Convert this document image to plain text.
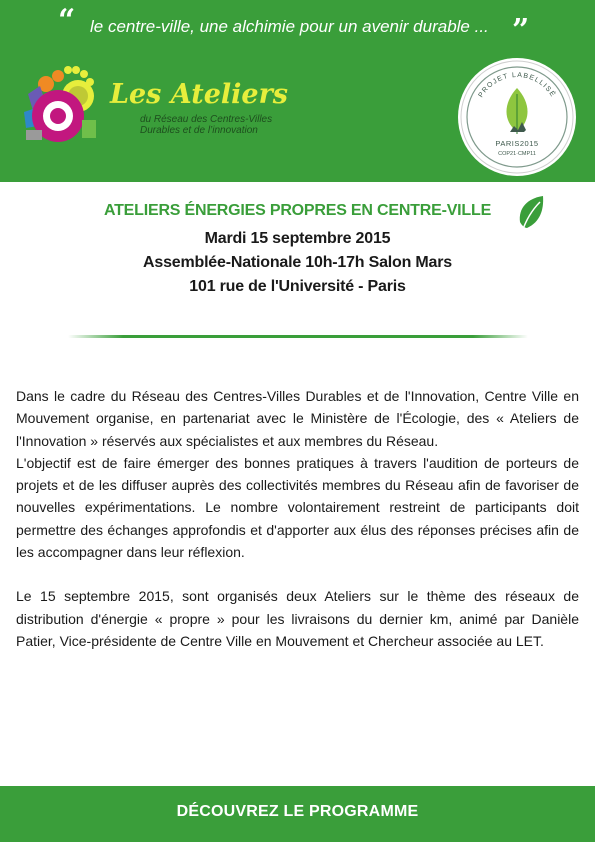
“ le centre-ville, une alchimie pour un avenir durable ... ”
Les Ateliers
du Réseau des Centres-Villes
Durables et de l’innovation
PROJET LABELLISÉ
PARIS2015
COP21·CMP11
ATELIERS ÉNERGIES PROPRES EN CENTRE-VILLE
Mardi 15 septembre 2015
Assemblée-Nationale 10h-17h Salon Mars
101 rue de l'Université - Paris

Dans le cadre du Réseau des Centres-Villes Durables et de l'Innovation, Centre Ville en Mouvement organise, en partenariat avec le Ministère de l'Écologie, des « Ateliers de l'Innovation » réservés aux spécialistes et aux membres du Réseau.

L'objectif est de faire émerger des bonnes pratiques à travers l'audition de porteurs de projets et de les diffuser auprès des collectivités membres du Réseau afin de favoriser de nouvelles expérimentations. Le nombre volontairement restreint de participants doit permettre des échanges approfondis et d'apporter aux élus des réponses précises afin de les accompagner dans leur réflexion.

Le 15 septembre 2015, sont organisés deux Ateliers sur le thème des réseaux de distribution d'énergie « propre » pour les livraisons du dernier km, animé par Danièle Patier, Vice-présidente de Centre Ville en Mouvement et Chercheur associée au LET.

DÉCOUVREZ LE PROGRAMME
